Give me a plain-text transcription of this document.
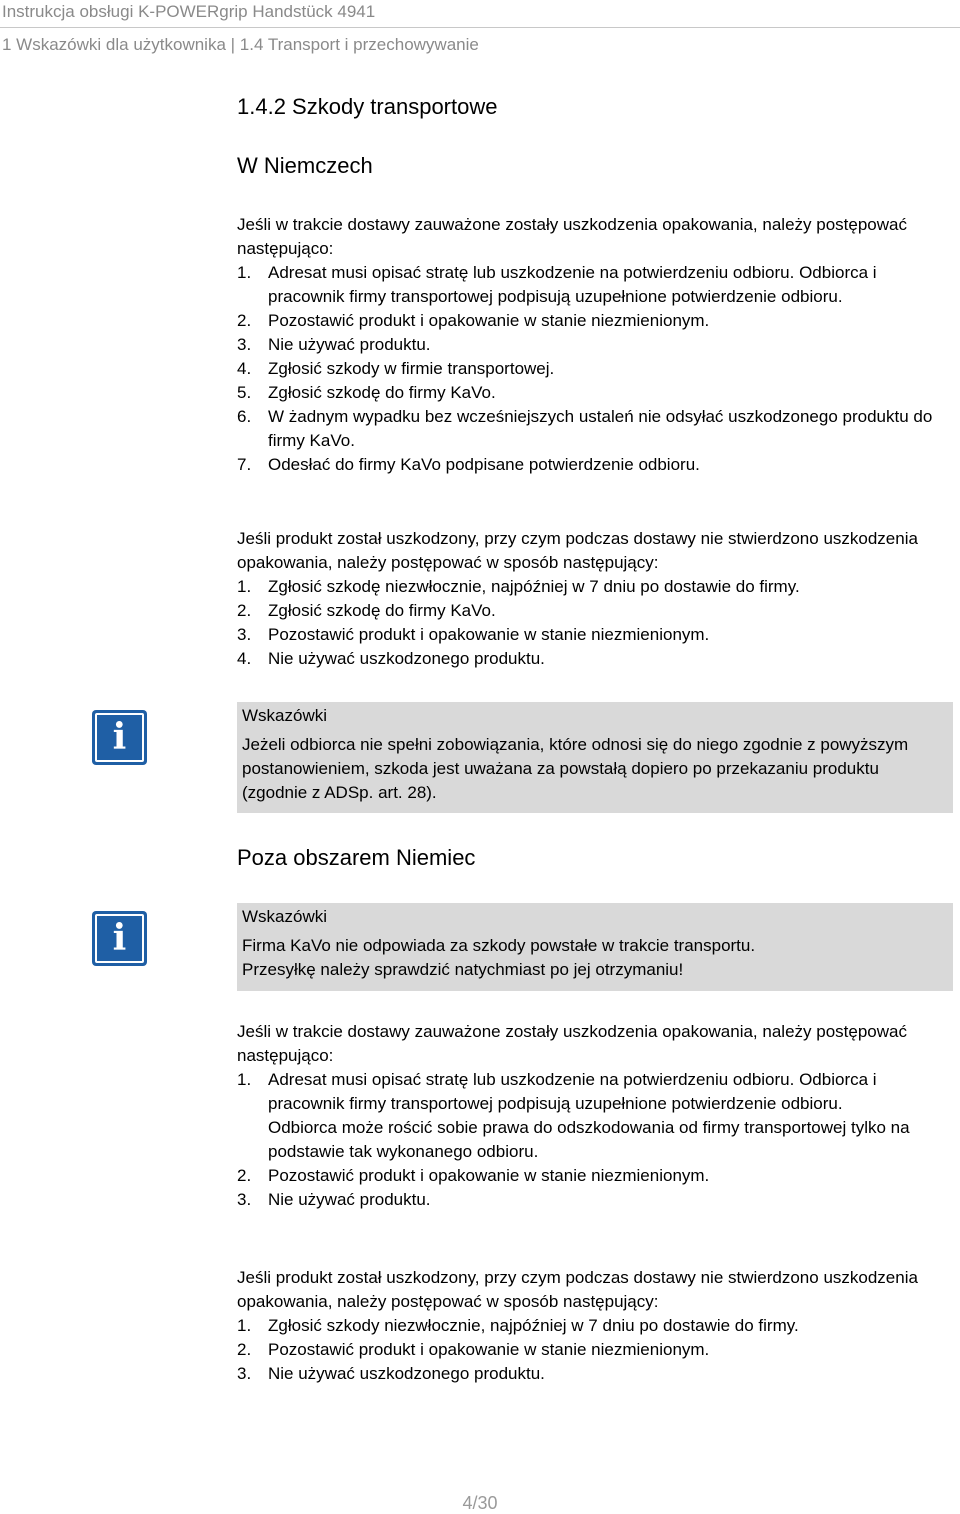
Instrukcja obsługi K-POWERgrip Handstück 4941
1 Wskazówki dla użytkownika | 1.4 Transport i przechowywanie
1.4.2 Szkody transportowe
W Niemczech

Jeśli w trakcie dostawy zauważone zostały uszkodzenia opakowania, należy postępować następująco:

1. Adresat musi opisać stratę lub uszkodzenie na potwierdzeniu odbioru. Odbiorca i pracownik firmy transportowej podpisują uzupełnione potwierdzenie odbioru.
2. Pozostawić produkt i opakowanie w stanie niezmienionym.
3. Nie używać produktu.
4. Zgłosić szkody w firmie transportowej.
5. Zgłosić szkodę do firmy KaVo.
6. W żadnym wypadku bez wcześniejszych ustaleń nie odsyłać uszkodzonego produktu do firmy KaVo.
7. Odesłać do firmy KaVo podpisane potwierdzenie odbioru.

Jeśli produkt został uszkodzony, przy czym podczas dostawy nie stwierdzono uszkodzenia opakowania, należy postępować w sposób następujący:

1. Zgłosić szkodę niezwłocznie, najpóźniej w 7 dniu po dostawie do firmy.
2. Zgłosić szkodę do firmy KaVo.
3. Pozostawić produkt i opakowanie w stanie niezmienionym.
4. Nie używać uszkodzonego produktu.
i
Wskazówki
Jeżeli odbiorca nie spełni zobowiązania, które odnosi się do niego zgodnie z powyższym postanowieniem, szkoda jest uważana za powstałą dopiero po przekazaniu produktu (zgodnie z ADSp. art. 28).
Poza obszarem Niemiec
i
Wskazówki
Firma KaVo nie odpowiada za szkody powstałe w trakcie transportu.
Przesyłkę należy sprawdzić natychmiast po jej otrzymaniu!

Jeśli w trakcie dostawy zauważone zostały uszkodzenia opakowania, należy postępować następująco:

1. Adresat musi opisać stratę lub uszkodzenie na potwierdzeniu odbioru. Odbiorca i pracownik firmy transportowej podpisują uzupełnione potwierdzenie odbioru.
Odbiorca może rościć sobie prawa do odszkodowania od firmy transportowej tylko na podstawie tak wykonanego odbioru.
2. Pozostawić produkt i opakowanie w stanie niezmienionym.
3. Nie używać produktu.

Jeśli produkt został uszkodzony, przy czym podczas dostawy nie stwierdzono uszkodzenia opakowania, należy postępować w sposób następujący:

1. Zgłosić szkody niezwłocznie, najpóźniej w 7 dniu po dostawie do firmy.
2. Pozostawić produkt i opakowanie w stanie niezmienionym.
3. Nie używać uszkodzonego produktu.
4/30
